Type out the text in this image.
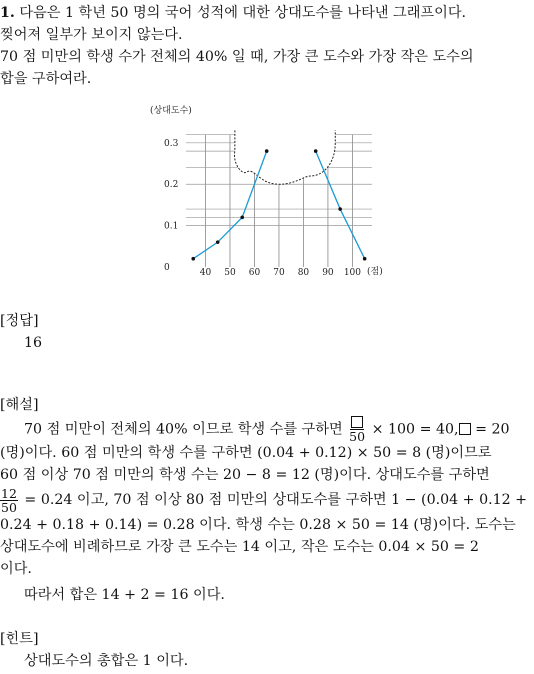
1. 다음은 1 학년 50 명의 국어 성적에 대한 상대도수를 나타낸 그래프이다.
찢어져 일부가 보이지 않는다.
70 점 미만의 학생 수가 전체의 40% 일 때, 가장 큰 도수와 가장 작은 도수의
합을 구하여라.
(상대도수)
40 50 60 70 80 90 100
0
0.1
0.2
0.3
(점)
[정답]
16
[해설]
70 점 미만이 전체의 40% 이므로 학생 수를 구하면 50 × 100 = 40, = 20
(명)이다. 60 점 미만의 학생 수를 구하면 (0.04 + 0.12) × 50 = 8 (명)이므로
60 점 이상 70 점 미만의 학생 수는 20 − 8 = 12 (명)이다. 상대도수를 구하면
$\frac{12}{50} = 0.24$ 이고, 70 점 이상 80 점 미만의 상대도수를 구하면 1 − (0.04 + 0.12 +
0.24 + 0.18 + 0.14) = 0.28 이다. 학생 수는 0.28 × 50 = 14 (명)이다. 도수는
상대도수에 비례하므로 가장 큰 도수는 14 이고, 작은 도수는 0.04 × 50 = 2
이다.
따라서 합은 14 + 2 = 16 이다.
[힌트]
상대도수의 총합은 1 이다.
